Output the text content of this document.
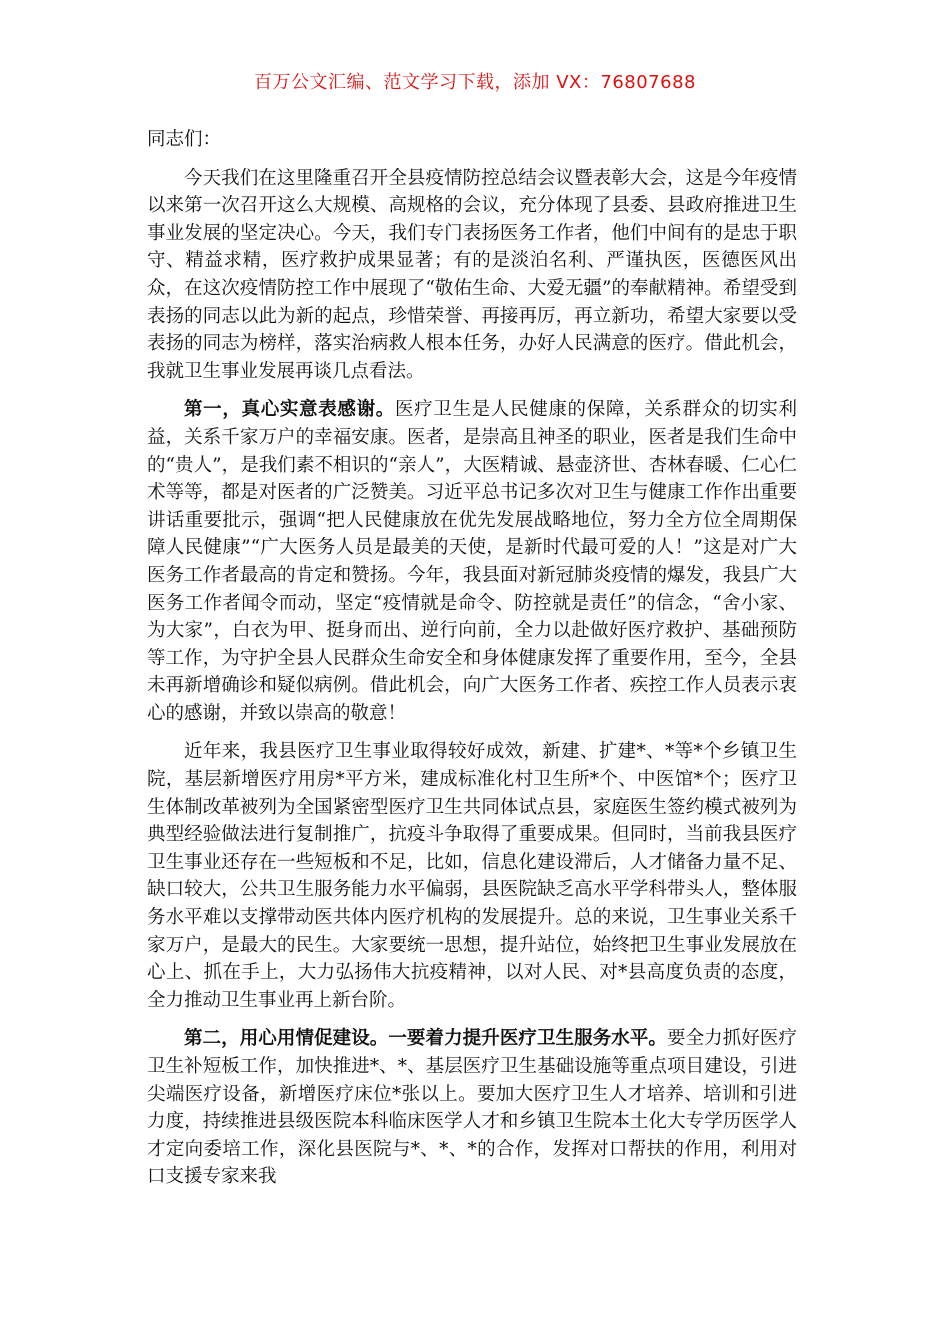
百万公文汇编、范文学习下载，添加 VX：76807688

同志们：

今天我们在这里隆重召开全县疫情防控总结会议暨表彰大会，这是今年疫情以来第一次召开这么大规模、高规格的会议，充分体现了县委、县政府推进卫生事业发展的坚定决心。今天，我们专门表扬医务工作者，他们中间有的是忠于职守、精益求精，医疗救护成果显著；有的是淡泊名利、严谨执医，医德医风出众，在这次疫情防控工作中展现了“敬佑生命、大爱无疆”的奉献精神。希望受到表扬的同志以此为新的起点，珍惜荣誉、再接再厉，再立新功，希望大家要以受表扬的同志为榜样，落实治病救人根本任务，办好人民满意的医疗。借此机会，我就卫生事业发展再谈几点看法。

第一，真心实意表感谢。医疗卫生是人民健康的保障，关系群众的切实利益，关系千家万户的幸福安康。医者，是崇高且神圣的职业，医者是我们生命中的“贵人”，是我们素不相识的“亲人”，大医精诚、悬壶济世、杏林春暖、仁心仁术等等，都是对医者的广泛赞美。习近平总书记多次对卫生与健康工作作出重要讲话重要批示，强调“把人民健康放在优先发展战略地位，努力全方位全周期保障人民健康”“广大医务人员是最美的天使，是新时代最可爱的人！”这是对广大医务工作者最高的肯定和赞扬。今年，我县面对新冠肺炎疫情的爆发，我县广大医务工作者闻令而动，坚定“疫情就是命令、防控就是责任”的信念，“舍小家、为大家”，白衣为甲、挺身而出、逆行向前，全力以赴做好医疗救护、基础预防等工作，为守护全县人民群众生命安全和身体健康发挥了重要作用，至今，全县未再新增确诊和疑似病例。借此机会，向广大医务工作者、疾控工作人员表示衷心的感谢，并致以崇高的敬意！

近年来，我县医疗卫生事业取得较好成效，新建、扩建*、*等*个乡镇卫生院，基层新增医疗用房*平方米，建成标准化村卫生所*个、中医馆*个；医疗卫生体制改革被列为全国紧密型医疗卫生共同体试点县，家庭医生签约模式被列为典型经验做法进行复制推广，抗疫斗争取得了重要成果。但同时，当前我县医疗卫生事业还存在一些短板和不足，比如，信息化建设滞后，人才储备力量不足、缺口较大，公共卫生服务能力水平偏弱，县医院缺乏高水平学科带头人，整体服务水平难以支撑带动医共体内医疗机构的发展提升。总的来说，卫生事业关系千家万户，是最大的民生。大家要统一思想，提升站位，始终把卫生事业发展放在心上、抓在手上，大力弘扬伟大抗疫精神，以对人民、对*县高度负责的态度，全力推动卫生事业再上新台阶。

第二，用心用情促建设。一要着力提升医疗卫生服务水平。要全力抓好医疗卫生补短板工作，加快推进*、*、基层医疗卫生基础设施等重点项目建设，引进尖端医疗设备，新增医疗床位*张以上。要加大医疗卫生人才培养、培训和引进力度，持续推进县级医院本科临床医学人才和乡镇卫生院本土化大专学历医学人才定向委培工作，深化县医院与*、*、*的合作，发挥对口帮扶的作用，利用对口支援专家来我
